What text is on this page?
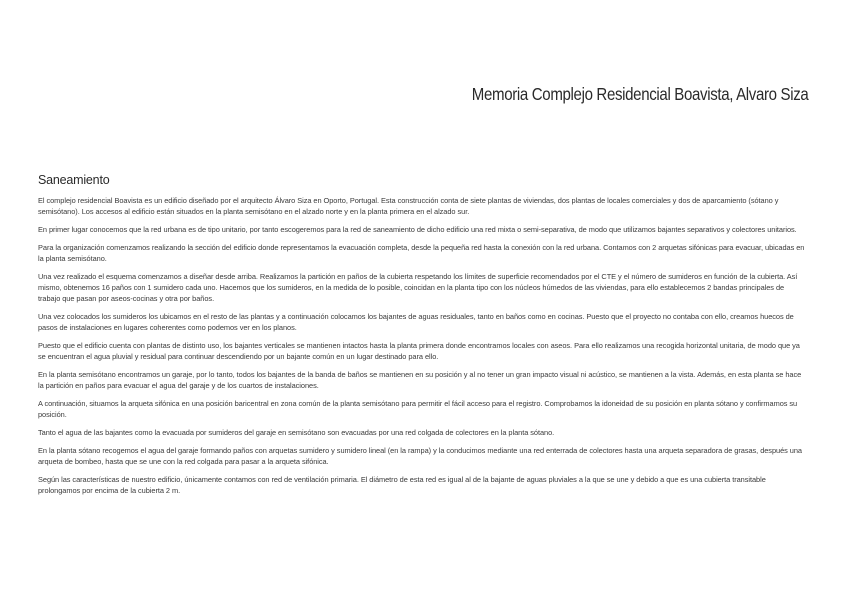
Memoria Complejo Residencial Boavista, Alvaro Siza
Saneamiento

El complejo residencial Boavista es un edificio diseñado por el arquitecto Álvaro Siza en Oporto, Portugal. Esta construcción conta de siete plantas de viviendas, dos plantas de locales comerciales y dos de aparcamiento (sótano y semisótano). Los accesos al edificio están situados en la planta semisótano en el alzado norte y en la planta primera en el alzado sur.

En primer lugar conocemos que la red urbana es de tipo unitario, por tanto escogeremos para la red de saneamiento de dicho edificio una red mixta o semi-separativa, de modo que utilizamos bajantes separativos y colectores unitarios.

Para la organización comenzamos realizando la sección del edificio donde representamos la evacuación completa, desde la pequeña red hasta la conexión con la red urbana. Contamos con 2 arquetas sifónicas para evacuar, ubicadas en la planta semisótano.

Una vez realizado el esquema comenzamos a diseñar desde arriba. Realizamos la partición en paños de la cubierta respetando los límites de superficie recomendados por el CTE y el número de sumideros en función de la cubierta. Así mismo, obtenemos 16 paños con 1 sumidero cada uno. Hacemos que los sumideros, en la medida de lo posible, coincidan en la planta tipo con los núcleos húmedos de las viviendas, para ello establecemos 2 bandas principales de trabajo que pasan por aseos-cocinas y otra por baños.

Una vez colocados los sumideros los ubicamos en el resto de las plantas y a continuación colocamos los bajantes de aguas residuales, tanto en baños como en cocinas. Puesto que el proyecto no contaba con ello, creamos huecos de pasos de instalaciones en lugares coherentes como podemos ver en los planos.

Puesto que el edificio cuenta con plantas de distinto uso, los bajantes verticales se mantienen intactos hasta la planta primera donde encontramos locales con aseos. Para ello realizamos una recogida horizontal unitaria, de modo que ya se encuentran el agua pluvial y residual para continuar descendiendo por un bajante común en un lugar destinado para ello.

En la planta semisótano encontramos un garaje, por lo tanto, todos los bajantes de la banda de baños se mantienen en su posición y al no tener un gran impacto visual ni acústico, se mantienen a la vista. Además, en esta planta se hace la partición en paños para evacuar el agua del garaje y de los cuartos de instalaciones.

A continuación, situamos la arqueta sifónica en una posición baricentral en zona común de la planta semisótano para permitir el fácil acceso para el registro. Comprobamos la idoneidad de su posición en planta sótano y confirmamos su posición.

Tanto el agua de las bajantes como la evacuada por sumideros del garaje en semisótano son evacuadas por una red colgada de colectores en la planta sótano.

En la planta sótano recogemos el agua del garaje formando paños con arquetas sumidero y sumidero lineal (en la rampa) y la conducimos mediante una red enterrada de colectores hasta una arqueta separadora de grasas, después una arqueta de bombeo, hasta que se une con la red colgada para pasar a la arqueta sifónica.

Según las características de nuestro edificio, únicamente contamos con red de ventilación primaria. El diámetro de esta red es igual al de la bajante de aguas pluviales a la que se une y debido a que es una cubierta transitable prolongamos por encima de la cubierta 2 m.
